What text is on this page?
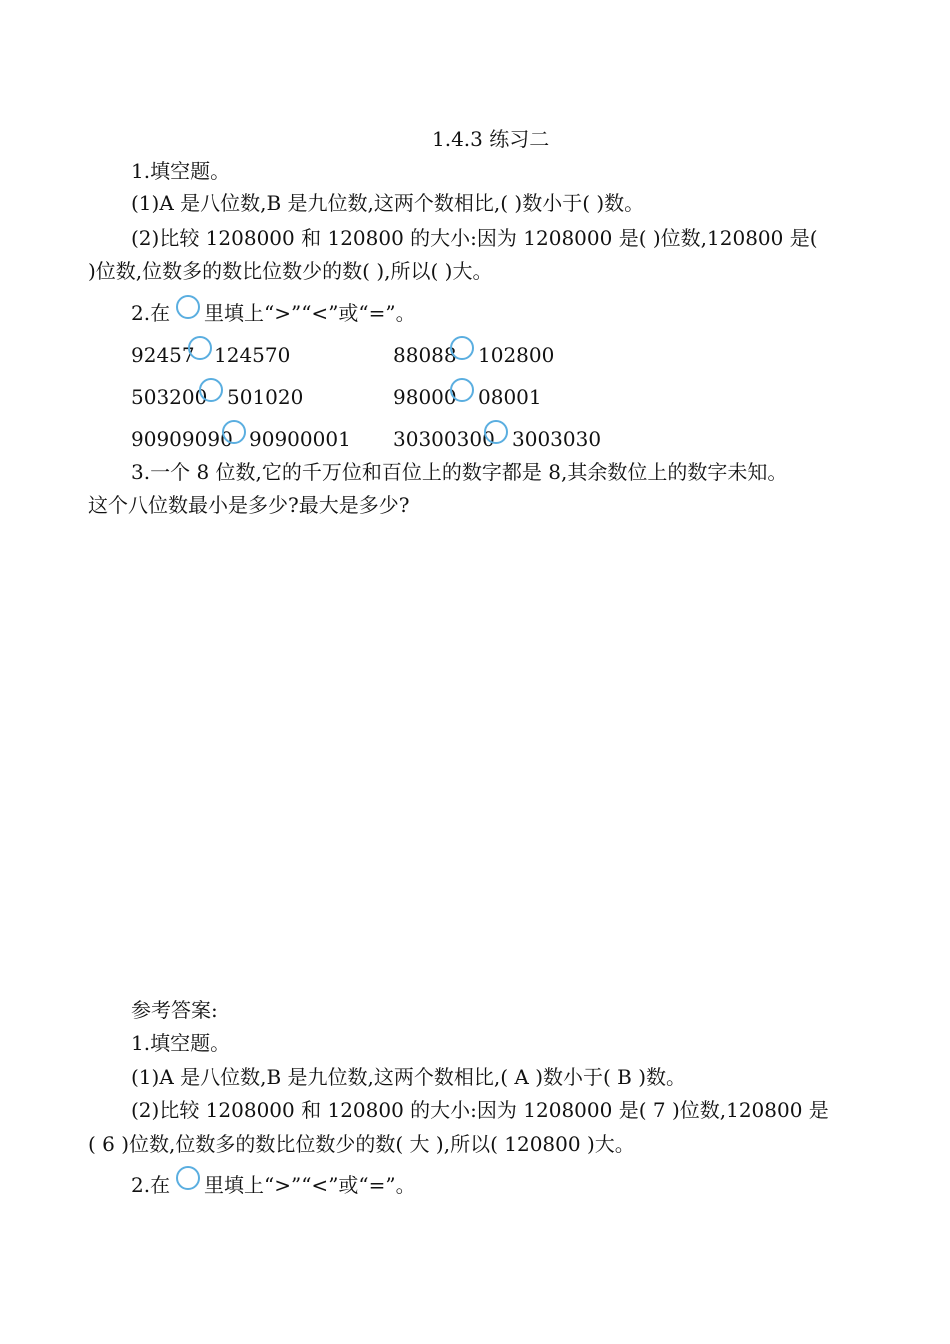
1.4.3 练习二
1.填空题。
(1)A 是八位数,B 是九位数,这两个数相比,( )数小于( )数。
(2)比较 1208000 和 120800 的大小:因为 1208000 是( )位数,120800 是(
)位数,位数多的数比位数少的数( ),所以( )大。
2.在 里填上“>”“<”或“=”。
92457 124570	88088 102800
503200 501020	98000 08001
90909090 90900001 30300300 3003030
3.一个 8 位数,它的千万位和百位上的数字都是 8,其余数位上的数字未知。
这个八位数最小是多少?最大是多少?
参考答案:
1.填空题。
(1)A 是八位数,B 是九位数,这两个数相比,( A )数小于( B )数。
(2)比较 1208000 和 120800 的大小:因为 1208000 是( 7 )位数,120800 是
( 6 )位数,位数多的数比位数少的数( 大 ),所以( 120800 )大。
2.在 里填上“>”“<”或“=”。
